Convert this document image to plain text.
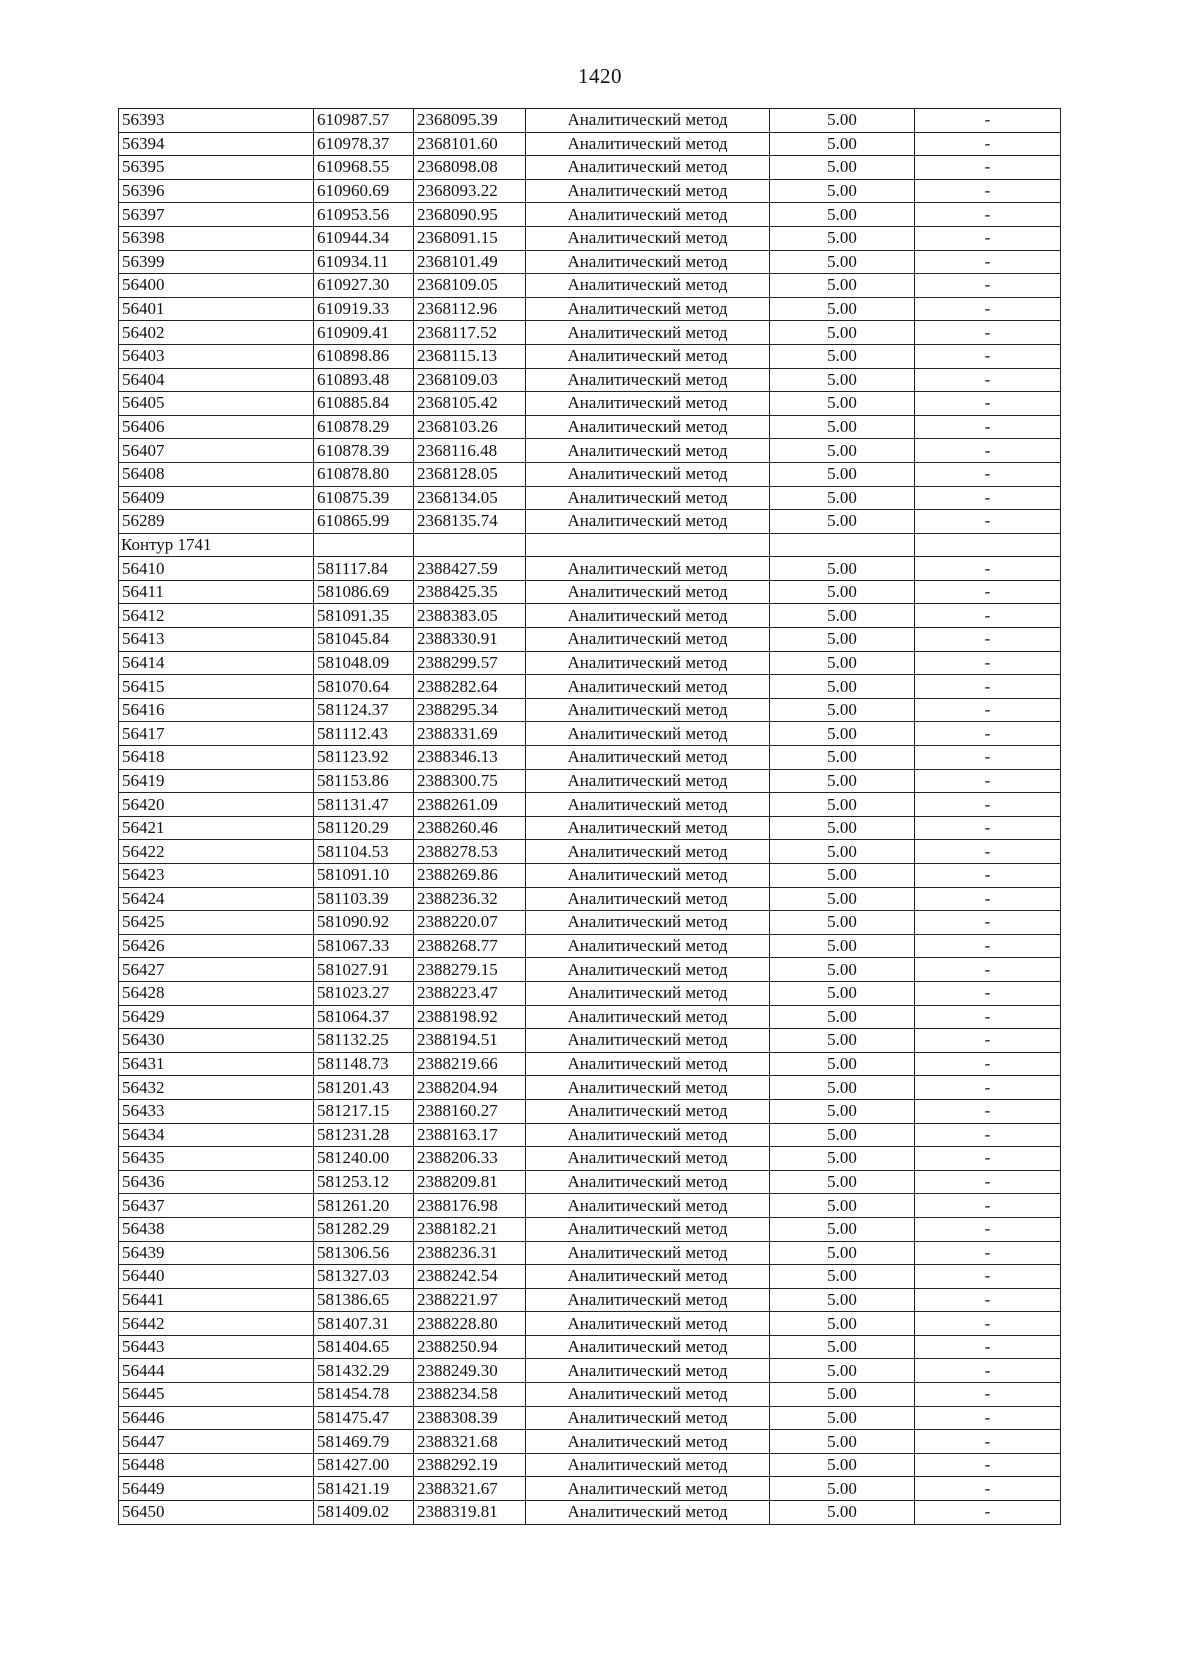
1420
56393	610987.57	2368095.39	Аналитический метод	5.00	-
56394	610978.37	2368101.60	Аналитический метод	5.00	-
56395	610968.55	2368098.08	Аналитический метод	5.00	-
56396	610960.69	2368093.22	Аналитический метод	5.00	-
56397	610953.56	2368090.95	Аналитический метод	5.00	-
56398	610944.34	2368091.15	Аналитический метод	5.00	-
56399	610934.11	2368101.49	Аналитический метод	5.00	-
56400	610927.30	2368109.05	Аналитический метод	5.00	-
56401	610919.33	2368112.96	Аналитический метод	5.00	-
56402	610909.41	2368117.52	Аналитический метод	5.00	-
56403	610898.86	2368115.13	Аналитический метод	5.00	-
56404	610893.48	2368109.03	Аналитический метод	5.00	-
56405	610885.84	2368105.42	Аналитический метод	5.00	-
56406	610878.29	2368103.26	Аналитический метод	5.00	-
56407	610878.39	2368116.48	Аналитический метод	5.00	-
56408	610878.80	2368128.05	Аналитический метод	5.00	-
56409	610875.39	2368134.05	Аналитический метод	5.00	-
56289	610865.99	2368135.74	Аналитический метод	5.00	-
Контур 1741					
56410	581117.84	2388427.59	Аналитический метод	5.00	-
56411	581086.69	2388425.35	Аналитический метод	5.00	-
56412	581091.35	2388383.05	Аналитический метод	5.00	-
56413	581045.84	2388330.91	Аналитический метод	5.00	-
56414	581048.09	2388299.57	Аналитический метод	5.00	-
56415	581070.64	2388282.64	Аналитический метод	5.00	-
56416	581124.37	2388295.34	Аналитический метод	5.00	-
56417	581112.43	2388331.69	Аналитический метод	5.00	-
56418	581123.92	2388346.13	Аналитический метод	5.00	-
56419	581153.86	2388300.75	Аналитический метод	5.00	-
56420	581131.47	2388261.09	Аналитический метод	5.00	-
56421	581120.29	2388260.46	Аналитический метод	5.00	-
56422	581104.53	2388278.53	Аналитический метод	5.00	-
56423	581091.10	2388269.86	Аналитический метод	5.00	-
56424	581103.39	2388236.32	Аналитический метод	5.00	-
56425	581090.92	2388220.07	Аналитический метод	5.00	-
56426	581067.33	2388268.77	Аналитический метод	5.00	-
56427	581027.91	2388279.15	Аналитический метод	5.00	-
56428	581023.27	2388223.47	Аналитический метод	5.00	-
56429	581064.37	2388198.92	Аналитический метод	5.00	-
56430	581132.25	2388194.51	Аналитический метод	5.00	-
56431	581148.73	2388219.66	Аналитический метод	5.00	-
56432	581201.43	2388204.94	Аналитический метод	5.00	-
56433	581217.15	2388160.27	Аналитический метод	5.00	-
56434	581231.28	2388163.17	Аналитический метод	5.00	-
56435	581240.00	2388206.33	Аналитический метод	5.00	-
56436	581253.12	2388209.81	Аналитический метод	5.00	-
56437	581261.20	2388176.98	Аналитический метод	5.00	-
56438	581282.29	2388182.21	Аналитический метод	5.00	-
56439	581306.56	2388236.31	Аналитический метод	5.00	-
56440	581327.03	2388242.54	Аналитический метод	5.00	-
56441	581386.65	2388221.97	Аналитический метод	5.00	-
56442	581407.31	2388228.80	Аналитический метод	5.00	-
56443	581404.65	2388250.94	Аналитический метод	5.00	-
56444	581432.29	2388249.30	Аналитический метод	5.00	-
56445	581454.78	2388234.58	Аналитический метод	5.00	-
56446	581475.47	2388308.39	Аналитический метод	5.00	-
56447	581469.79	2388321.68	Аналитический метод	5.00	-
56448	581427.00	2388292.19	Аналитический метод	5.00	-
56449	581421.19	2388321.67	Аналитический метод	5.00	-
56450	581409.02	2388319.81	Аналитический метод	5.00	-
